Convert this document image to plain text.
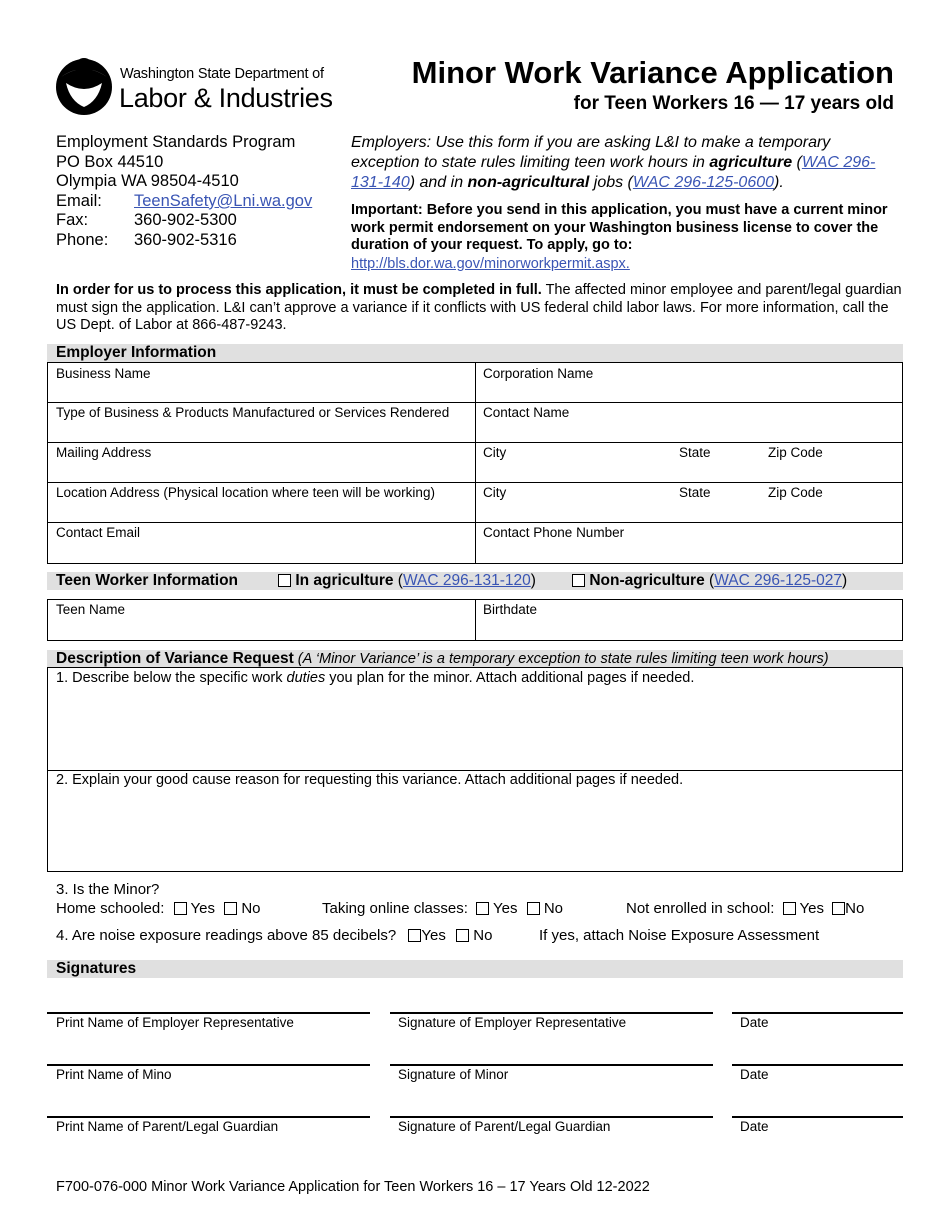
Washington State Department of
Labor & Industries
Minor Work Variance Application
for Teen Workers 16 — 17 years old
Employment Standards Program
PO Box 44510
Olympia WA 98504-4510
Email:	TeenSafety@Lni.wa.gov
Fax:	360-902-5300
Phone:	360-902-5316
Employers: Use this form if you are asking L&I to make a temporary exception to state rules limiting teen work hours in agriculture (WAC 296-131-140) and in non-agricultural jobs (WAC 296-125-0600).
Important: Before you send in this application, you must have a current minor work permit endorsement on your Washington business license to cover the duration of your request. To apply, go to:
http://bls.dor.wa.gov/minorworkpermit.aspx.
In order for us to process this application, it must be completed in full. The affected minor employee and parent/legal guardian must sign the application. L&I can’t approve a variance if it conflicts with US federal child labor laws. For more information, call the US Dept. of Labor at 866-487-9243.
Employer Information
Business Name	Corporation Name
Type of Business & Products Manufactured or Services Rendered	Contact Name
Mailing Address	City	State	Zip Code
Location Address (Physical location where teen will be working)	City	State	Zip Code
Contact Email	Contact Phone Number
Teen Worker Information	In agriculture (WAC 296-131-120)	Non-agriculture (WAC 296-125-027)
Teen Name	Birthdate
Description of Variance Request (A ‘Minor Variance’ is a temporary exception to state rules limiting teen work hours)
1. Describe below the specific work duties you plan for the minor. Attach additional pages if needed.
2. Explain your good cause reason for requesting this variance. Attach additional pages if needed.
3. Is the Minor?
Home schooled: Yes No	Taking online classes: Yes No	Not enrolled in school: Yes No
4. Are noise exposure readings above 85 decibels? Yes No	If yes, attach Noise Exposure Assessment
Signatures
Print Name of Employer Representative	Signature of Employer Representative	Date
Print Name of Mino	Signature of Minor	Date
Print Name of Parent/Legal Guardian	Signature of Parent/Legal Guardian	Date
F700-076-000 Minor Work Variance Application for Teen Workers 16 – 17 Years Old 12-2022
